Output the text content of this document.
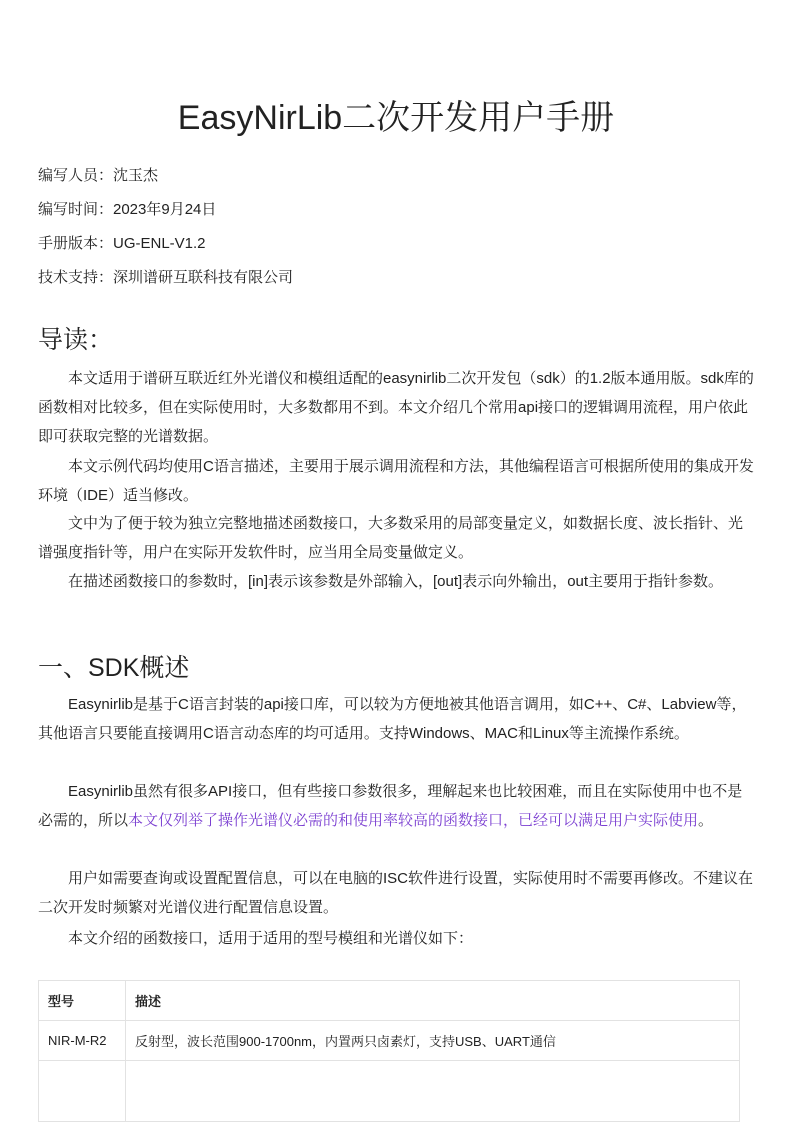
EasyNirLib二次开发用户手册
编写人员：沈玉杰
编写时间：2023年9月24日
手册版本：UG-ENL-V1.2
技术支持：深圳谱研互联科技有限公司
导读：

本文适用于谱研互联近红外光谱仪和模组适配的easynirlib二次开发包（sdk）的1.2版本通用版。sdk库的函数相对比较多，但在实际使用时，大多数都用不到。本文介绍几个常用api接口的逻辑调用流程，用户依此即可获取完整的光谱数据。

本文示例代码均使用C语言描述，主要用于展示调用流程和方法，其他编程语言可根据所使用的集成开发环境（IDE）适当修改。

文中为了便于较为独立完整地描述函数接口，大多数采用的局部变量定义，如数据长度、波长指针、光谱强度指针等，用户在实际开发软件时，应当用全局变量做定义。

在描述函数接口的参数时，[in]表示该参数是外部输入，[out]表示向外输出，out主要用于指针参数。

一、SDK概述

Easynirlib是基于C语言封装的api接口库，可以较为方便地被其他语言调用，如C++、C#、Labview等，其他语言只要能直接调用C语言动态库的均可适用。支持Windows、MAC和Linux等主流操作系统。

Easynirlib虽然有很多API接口，但有些接口参数很多，理解起来也比较困难，而且在实际使用中也不是必需的，所以本文仅列举了操作光谱仪必需的和使用率较高的函数接口，已经可以满足用户实际使用。

用户如需要查询或设置配置信息，可以在电脑的ISC软件进行设置，实际使用时不需要再修改。不建议在二次开发时频繁对光谱仪进行配置信息设置。

本文介绍的函数接口，适用于适用的型号模组和光谱仪如下：

型号	描述
NIR-M-R2	反射型，波长范围900-1700nm，内置两只卤素灯，支持USB、UART通信
